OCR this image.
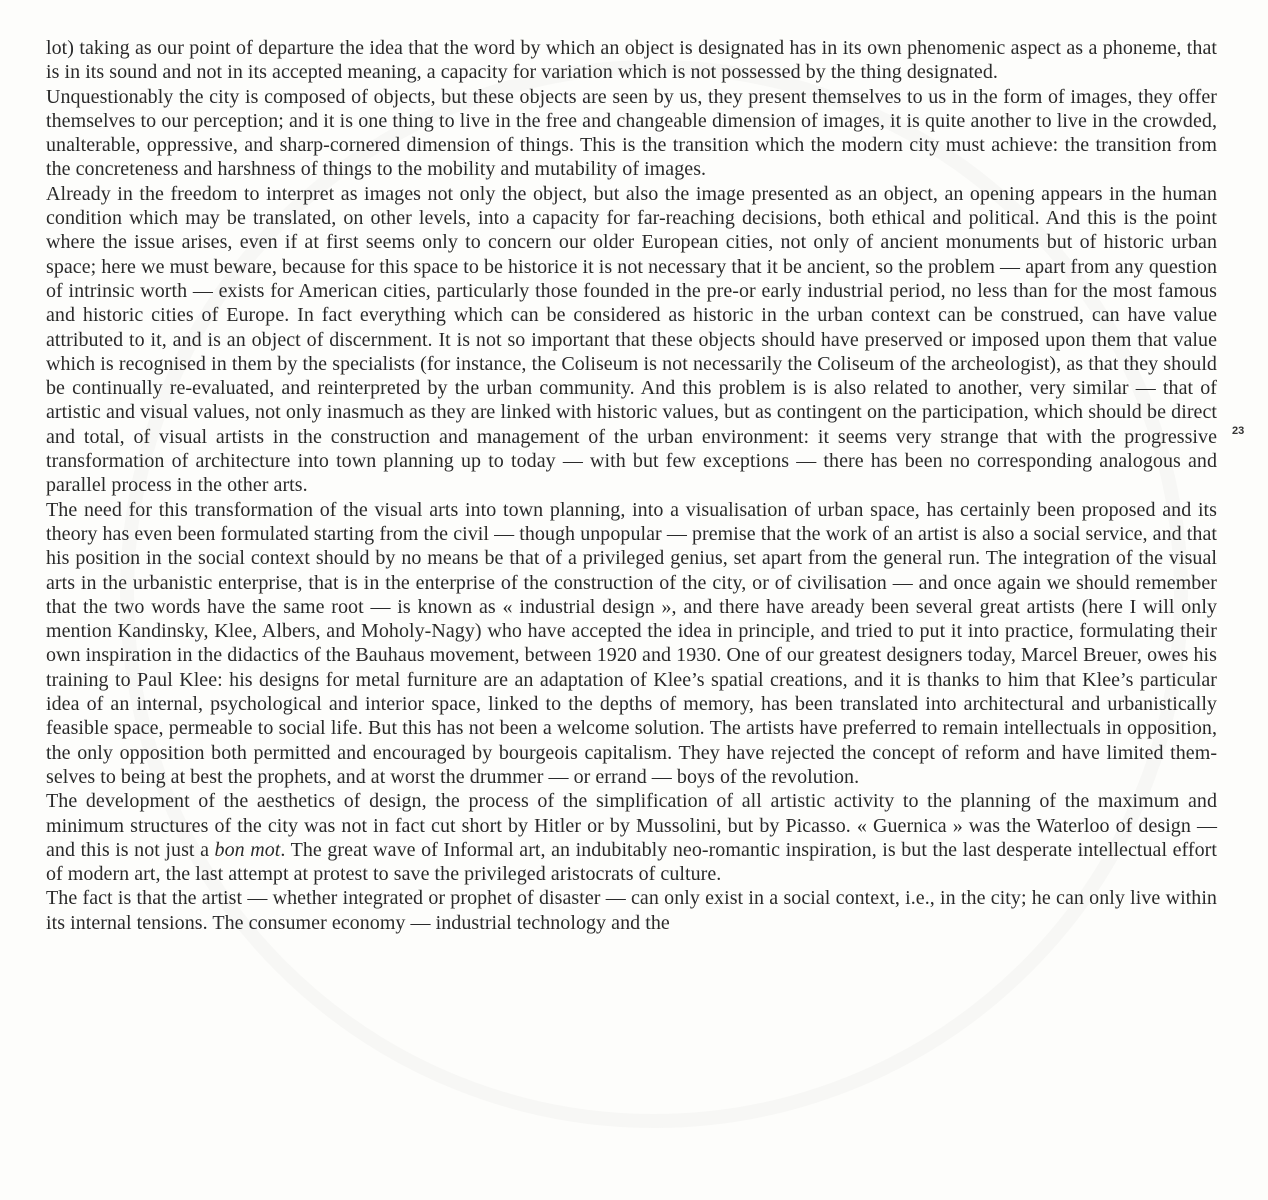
lot) taking as our point of departure the idea that the word by which an object is designated has in its own phenomenic aspect as a phoneme, that is in its sound and not in its accepted meaning, a capacity for variation which is not possessed by the thing designated.

Unquestionably the city is composed of objects, but these objects are seen by us, they present themselves to us in the form of images, they offer themselves to our perception; and it is one thing to live in the free and changeable dimension of images, it is quite another to live in the crowded, unalterable, oppressive, and sharp-cornered dimension of things. This is the transition which the modern city must achieve: the transition from the concreteness and harshness of things to the mobility and mutability of images.

Already in the freedom to interpret as images not only the object, but also the image presented as an object, an opening appears in the human condition which may be translated, on other levels, into a capacity for far-reaching decisions, both ethical and political. And this is the point where the issue arises, even if at first seems only to concern our older European cities, not only of ancient monuments but of historic urban space; here we must beware, because for this space to be historice it is not necessary that it be ancient, so the problem — apart from any question of intrinsic worth — exists for American cities, particularly those founded in the pre-or early industrial period, no less than for the most famous and historic cities of Europe. In fact everything which can be considered as historic in the urban context can be construed, can have value attributed to it, and is an object of discernment. It is not so important that these objects should have preserved or imposed upon them that value which is recognised in them by the specialists (for instance, the Coliseum is not necessarily the Coliseum of the archeologist), as that they should be continually re-evaluated, and reinterpreted by the urban community. And this problem is is also related to another, very similar — that of artistic and visual values, not only inasmuch as they are linked with historic values, but as contingent on the participation, which should be direct and total, of visual artists in the construction and management of the urban environment: it seems very strange that with the progressive transformation of architecture into town planning up to today — with but few exceptions — there has been no corresponding analogous and parallel process in the other arts.

The need for this transformation of the visual arts into town planning, into a visualisation of urban space, has certainly been proposed and its theory has even been formulated starting from the civil — though unpopular — premise that the work of an artist is also a social service, and that his position in the social context should by no means be that of a privileged genius, set apart from the general run. The integration of the visual arts in the urbanistic enterprise, that is in the enterprise of the construction of the city, or of civilisation — and once again we should remember that the two words have the same root — is known as « industrial design », and there have aready been several great artists (here I will only mention Kandinsky, Klee, Albers, and Moholy-Nagy) who have accepted the idea in principle, and tried to put it into practice, formulating their own inspiration in the didactics of the Bauhaus movement, between 1920 and 1930. One of our greatest designers today, Marcel Breuer, owes his training to Paul Klee: his designs for metal furniture are an adaptation of Klee’s spatial creations, and it is thanks to him that Klee’s particular idea of an internal, psychological and interior space, linked to the depths of memory, has been translated into architectural and urbanistically feasible space, permeable to social life. But this has not been a welcome solution. The artists have preferred to remain intellectuals in opposition, the only opposition both permitted and encouraged by bourgeois capitalism. They have rejected the concept of reform and have limited themselves to being at best the prophets, and at worst the drummer — or errand — boys of the revolution.

The development of the aesthetics of design, the process of the simplification of all artistic activity to the planning of the maximum and minimum structures of the city was not in fact cut short by Hitler or by Mussolini, but by Picasso. « Guernica » was the Waterloo of design — and this is not just a bon mot. The great wave of Informal art, an indubitably neo-romantic inspiration, is but the last desperate intellectual effort of modern art, the last attempt at protest to save the privileged aristocrats of culture.

The fact is that the artist — whether integrated or prophet of disaster — can only exist in a social context, i.e., in the city; he can only live within its internal tensions. The consumer economy — industrial technology and the

23
